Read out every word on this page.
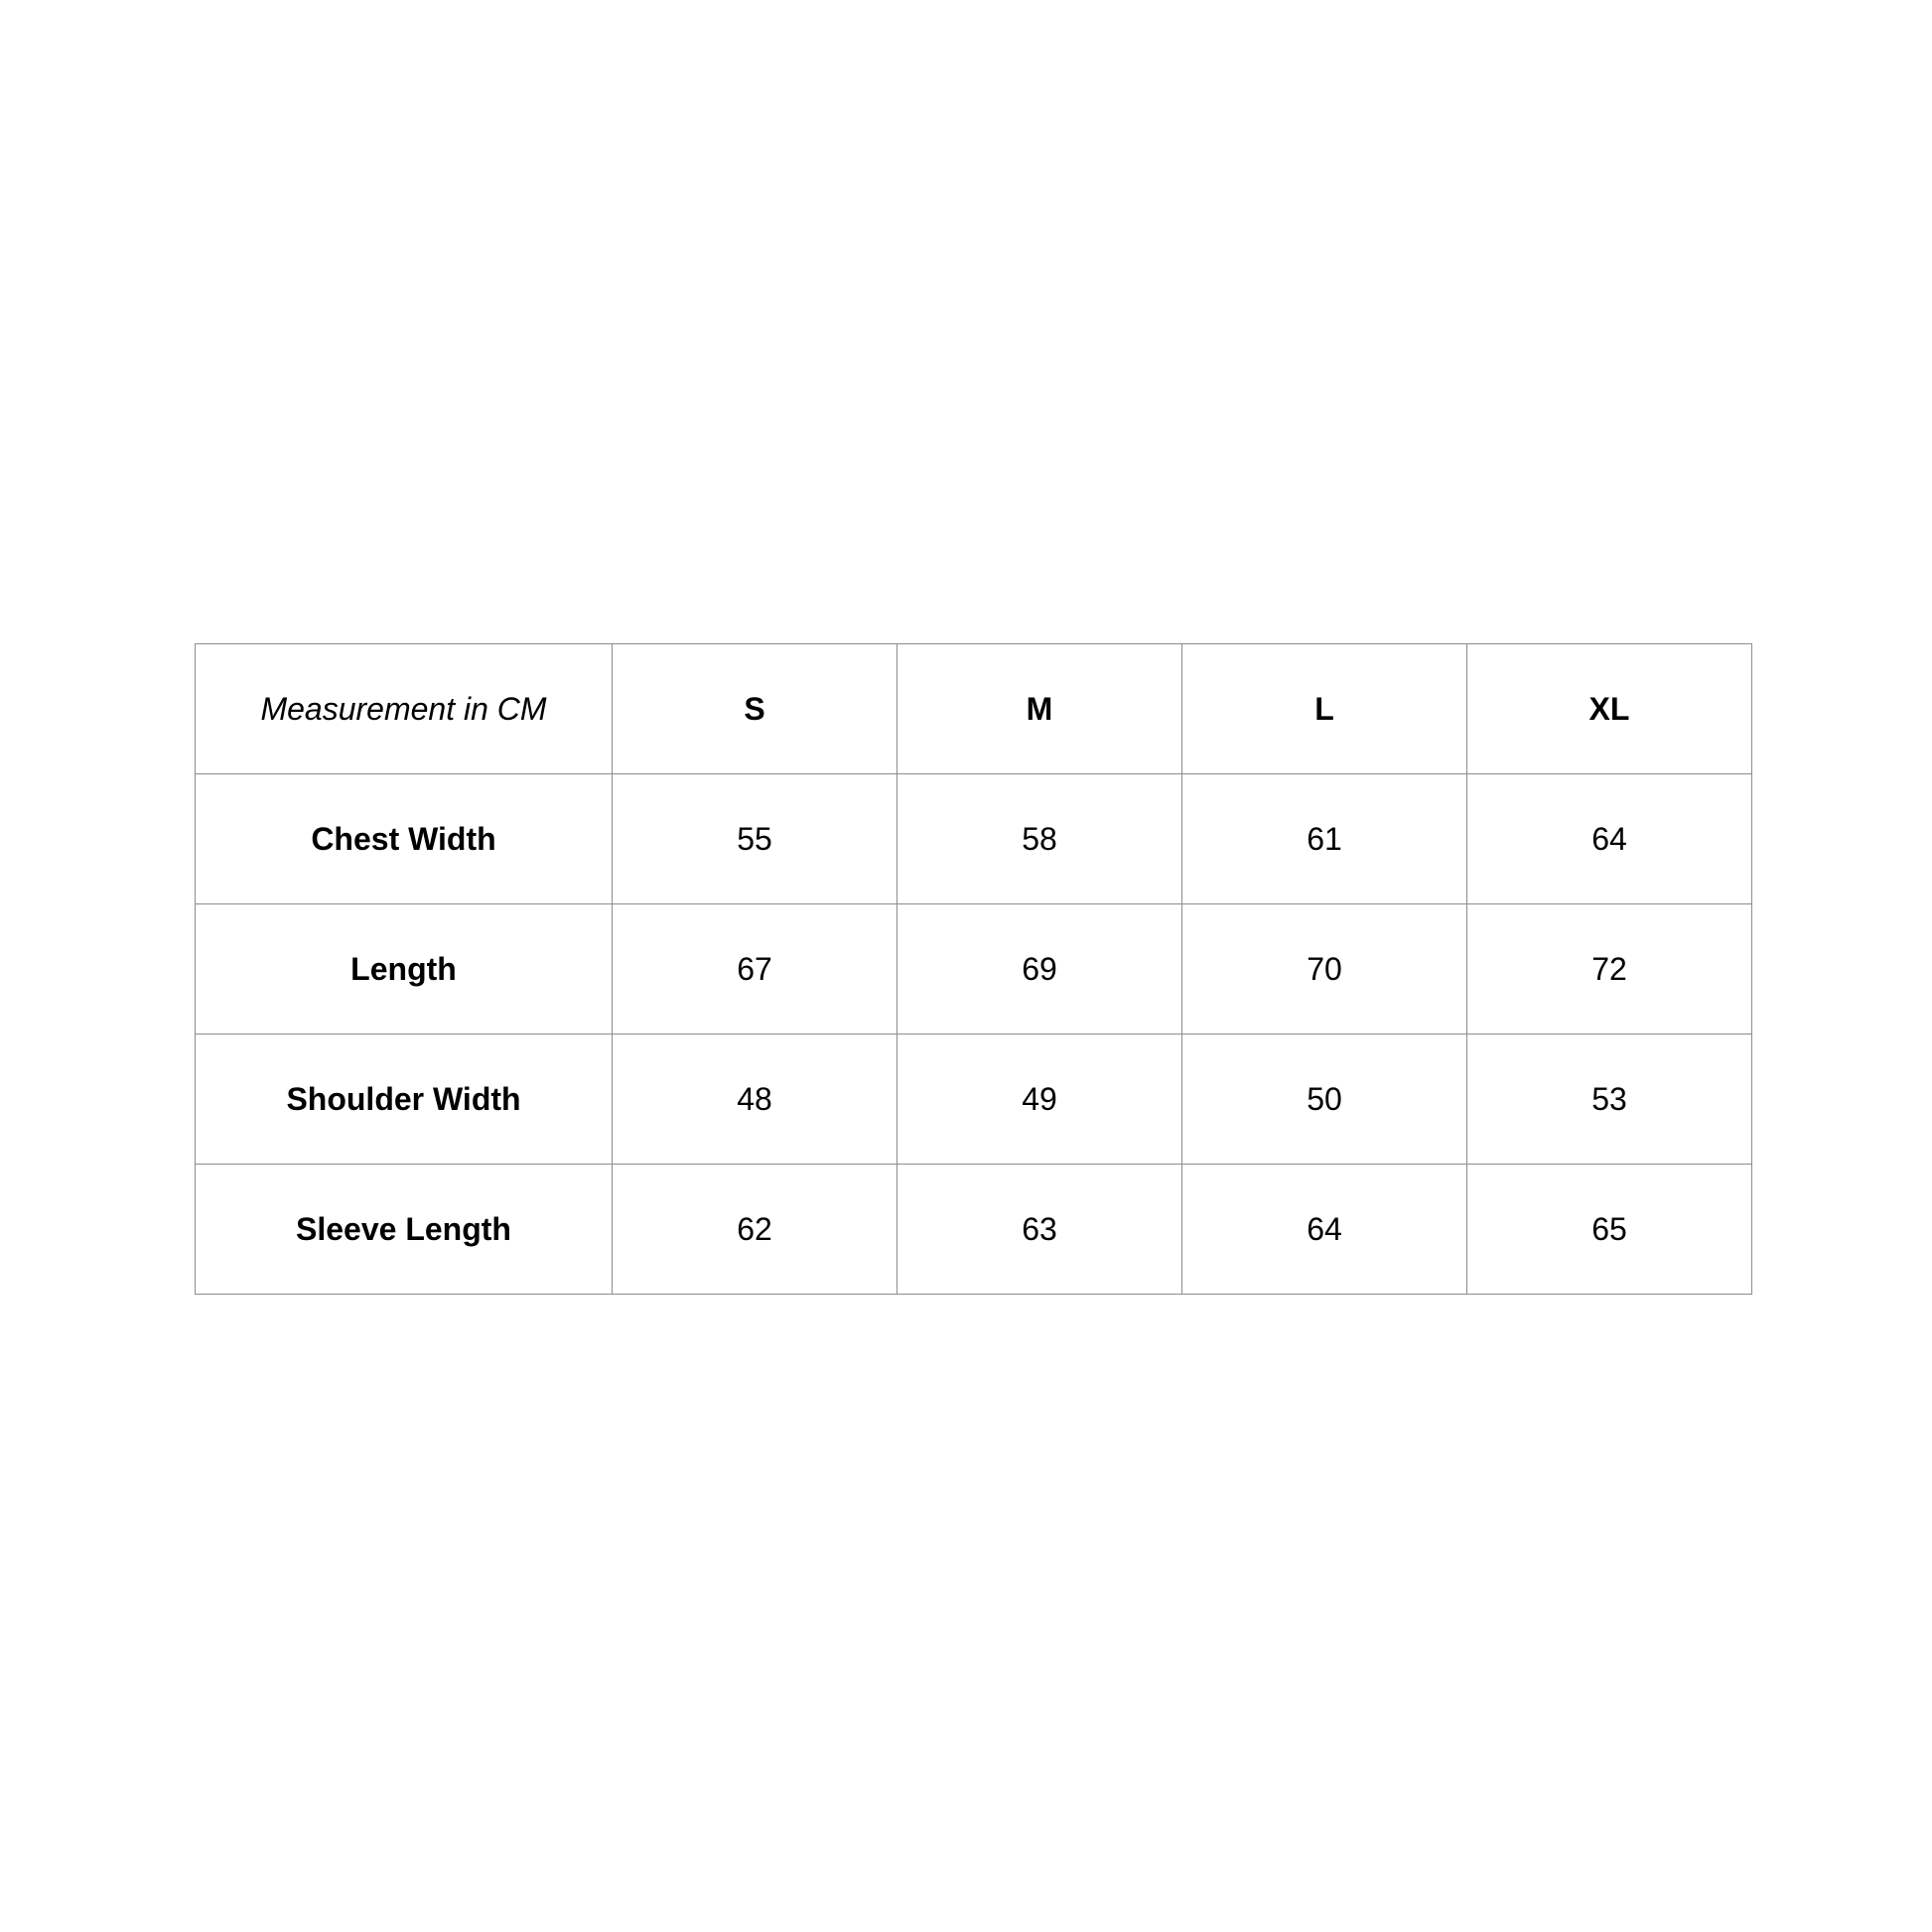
Measurement in CM	S	M	L	XL
Chest Width	55	58	61	64
Length	67	69	70	72
Shoulder Width	48	49	50	53
Sleeve Length	62	63	64	65
